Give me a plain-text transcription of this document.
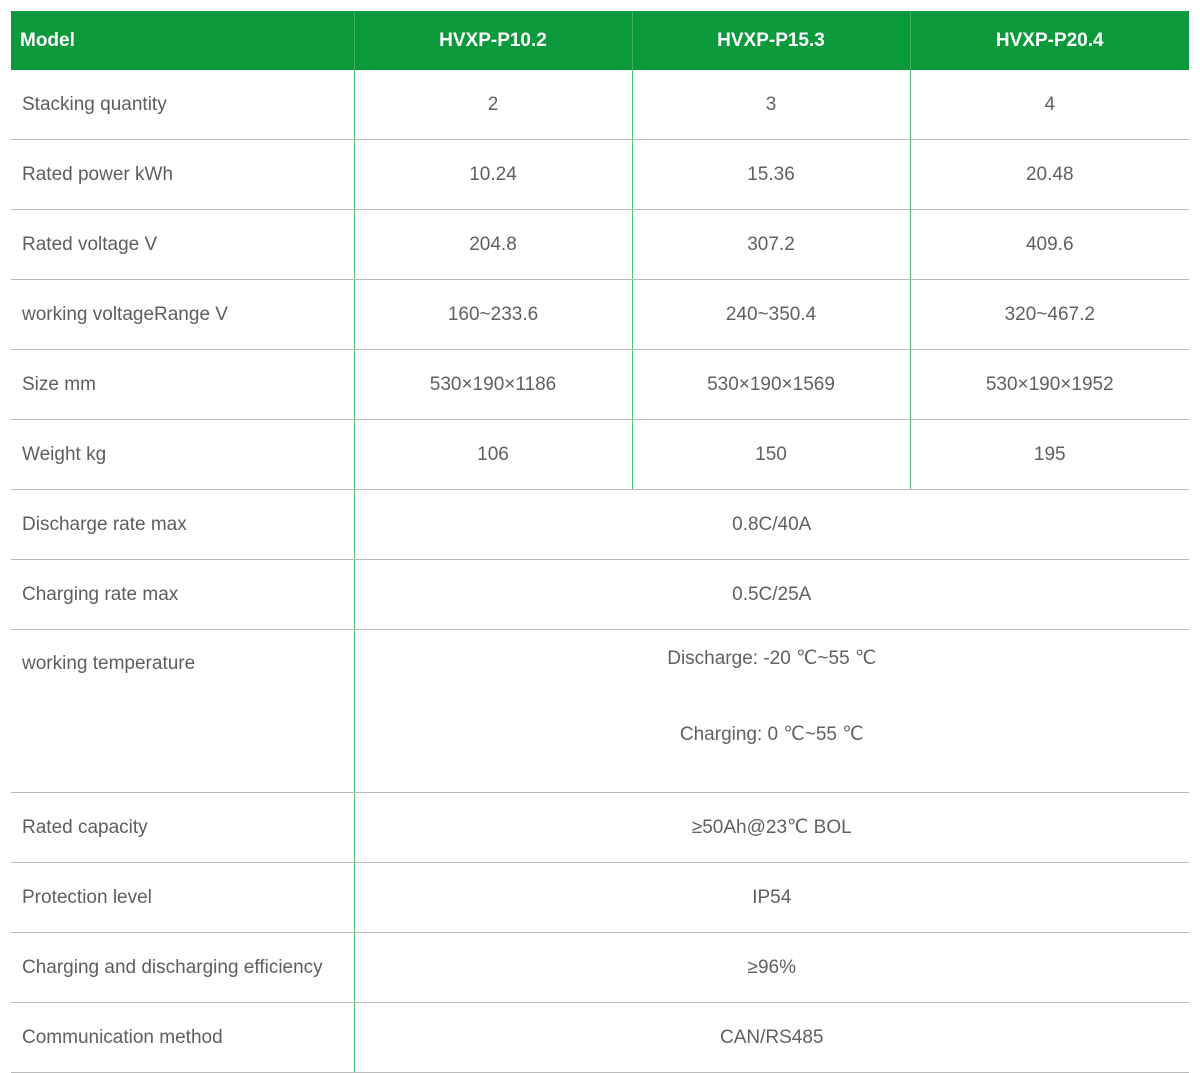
Model	HVXP-P10.2	HVXP-P15.3	HVXP-P20.4
Stacking quantity	2	3	4
Rated power kWh	10.24	15.36	20.48
Rated voltage V	204.8	307.2	409.6
working voltageRange V	160~233.6	240~350.4	320~467.2
Size mm	530×190×1186	530×190×1569	530×190×1952
Weight kg	106	150	195
Discharge rate max	0.8C/40A		
Charging rate max	0.5C/25A		
working temperature	Discharge: -20 ℃~55 ℃
Charging: 0 ℃~55 ℃		

Rated capacity	≥50Ah@23℃ BOL		
Protection level	IP54		
Charging and discharging efficiency	≥96%		
Communication method	CAN/RS485		
